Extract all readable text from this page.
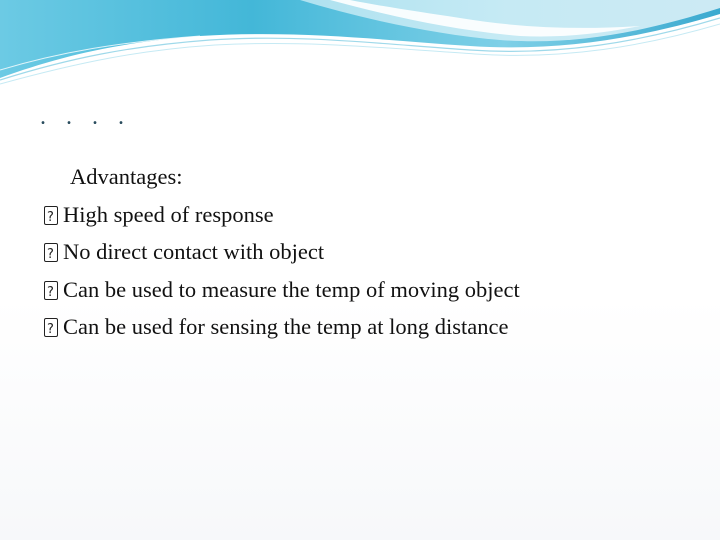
. . . .
Advantages:
?High speed of response
?No direct contact with object
?Can be used to measure the temp of moving object
?Can be used for sensing the temp at long distance
